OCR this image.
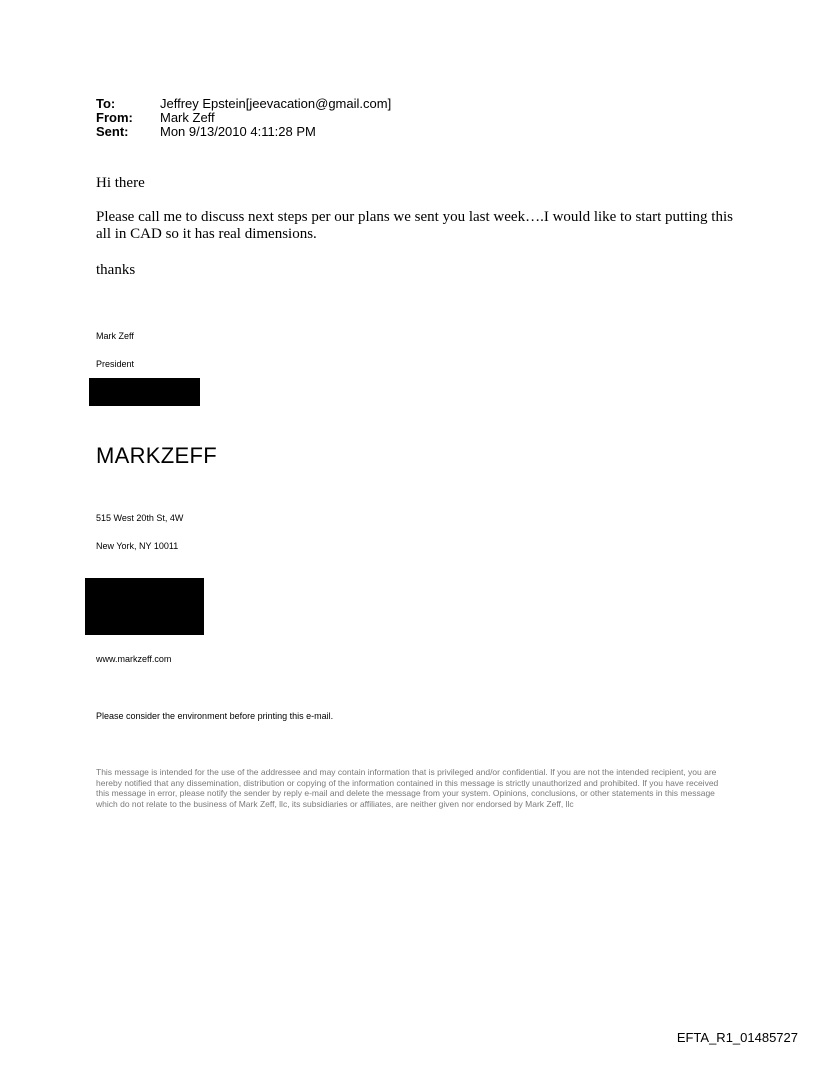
To:	Jeffrey Epstein[jeevacation@gmail.com]
From:	Mark Zeff
Sent:	Mon 9/13/2010 4:11:28 PM
Hi there
Please call me to discuss next steps per our plans we sent you last week….I would like to start putting this all in CAD so it has real dimensions.
thanks
Mark Zeff
President
MARKZEFF
515 West 20th St, 4W
New York, NY 10011
www.markzeff.com
Please consider the environment before printing this e-mail.
This message is intended for the use of the addressee and may contain information that is privileged and/or confidential. If you are not the intended recipient, you are hereby notified that any dissemination, distribution or copying of the information contained in this message is strictly unauthorized and prohibited. If you have received this message in error, please notify the sender by reply e-mail and delete the message from your system. Opinions, conclusions, or other statements in this message which do not relate to the business of Mark Zeff, llc, its subsidiaries or affiliates, are neither given nor endorsed by Mark Zeff, llc
EFTA_R1_01485727
